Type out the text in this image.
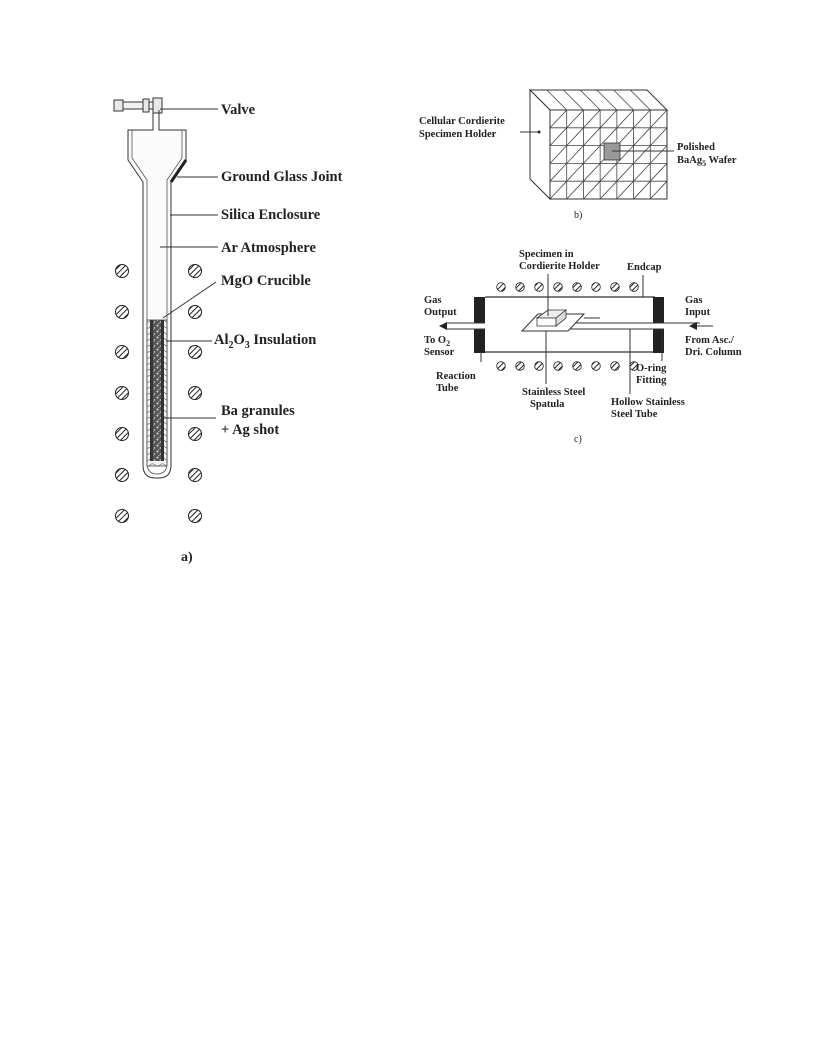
Valve
Ground Glass Joint
Silica Enclosure
Ar Atmosphere
MgO Crucible
$Al_2O_3$ Insulation
Ba granules
+ Ag shot
a)
Cellular Cordierite
Specimen Holder
Polished
BaAg$_5$ Wafer
b)
Specimen in
Cordierite Holder	Endcap
Gas
Output
Gas
Input
To $O_2$
Sensor
From Asc./
Dri. Column
Reaction
Tube	Stainless Steel
Spatula
O-ring
Fitting
Hollow Stainless
Steel Tube
c)
